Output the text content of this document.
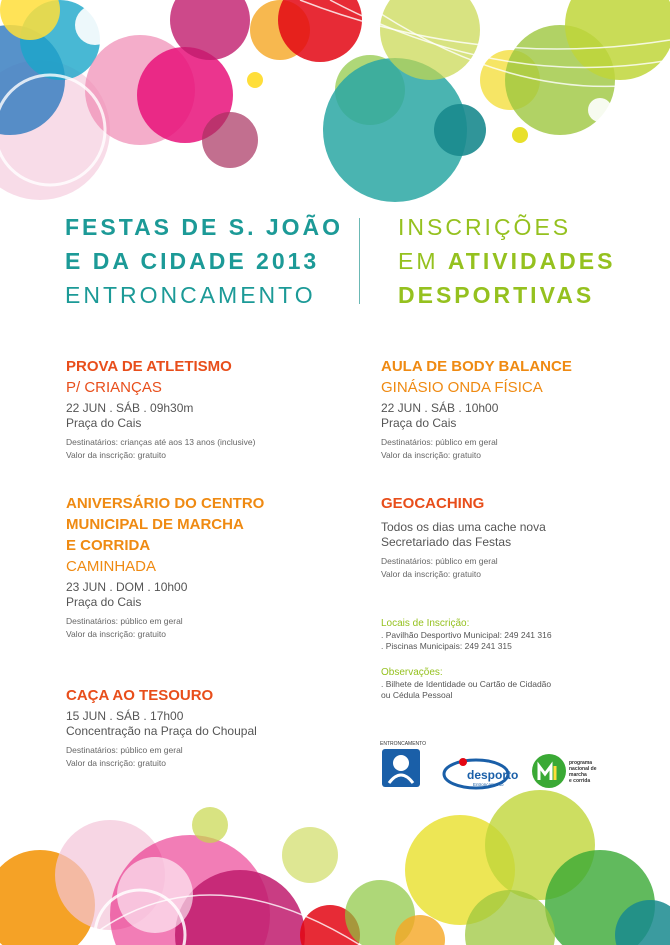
FESTAS DE S. JOÃO
E DA CIDADE 2013
ENTRONCAMENTO
INSCRIÇÕES
EM ATIVIDADES
DESPORTIVAS
PROVA DE ATLETISMO
P/ CRIANÇAS
22 JUN . SÁB . 09h30m
Praça do Cais
Destinatários: crianças até aos 13 anos (inclusive)
Valor da inscrição: gratuito
ANIVERSÁRIO DO CENTRO
MUNICIPAL DE MARCHA
E CORRIDA
CAMINHADA
23 JUN . DOM . 10h00
Praça do Cais
Destinatários: público em geral
Valor da inscrição: gratuito
CAÇA AO TESOURO
15 JUN . SÁB . 17h00
Concentração na Praça do Choupal
Destinatários: público em geral
Valor da inscrição: gratuito
AULA DE BODY BALANCE
GINÁSIO ONDA FÍSICA
22 JUN . SÁB . 10h00
Praça do Cais
Destinatários: público em geral
Valor da inscrição: gratuito
GEOCACHING
Todos os dias uma cache nova
Secretariado das Festas
Destinatários: público em geral
Valor da inscrição: gratuito
Locais de Inscrição:
. Pavilhão Desportivo Municipal: 249 241 316
. Piscinas Municipais: 249 241 315
Observações:
. Bilhete de Identidade ou Cartão de Cidadão
ou Cédula Pessoal
ENTRONCAMENTO
desporto
Entroncamento
programa
nacional de
marcha
e corrida
